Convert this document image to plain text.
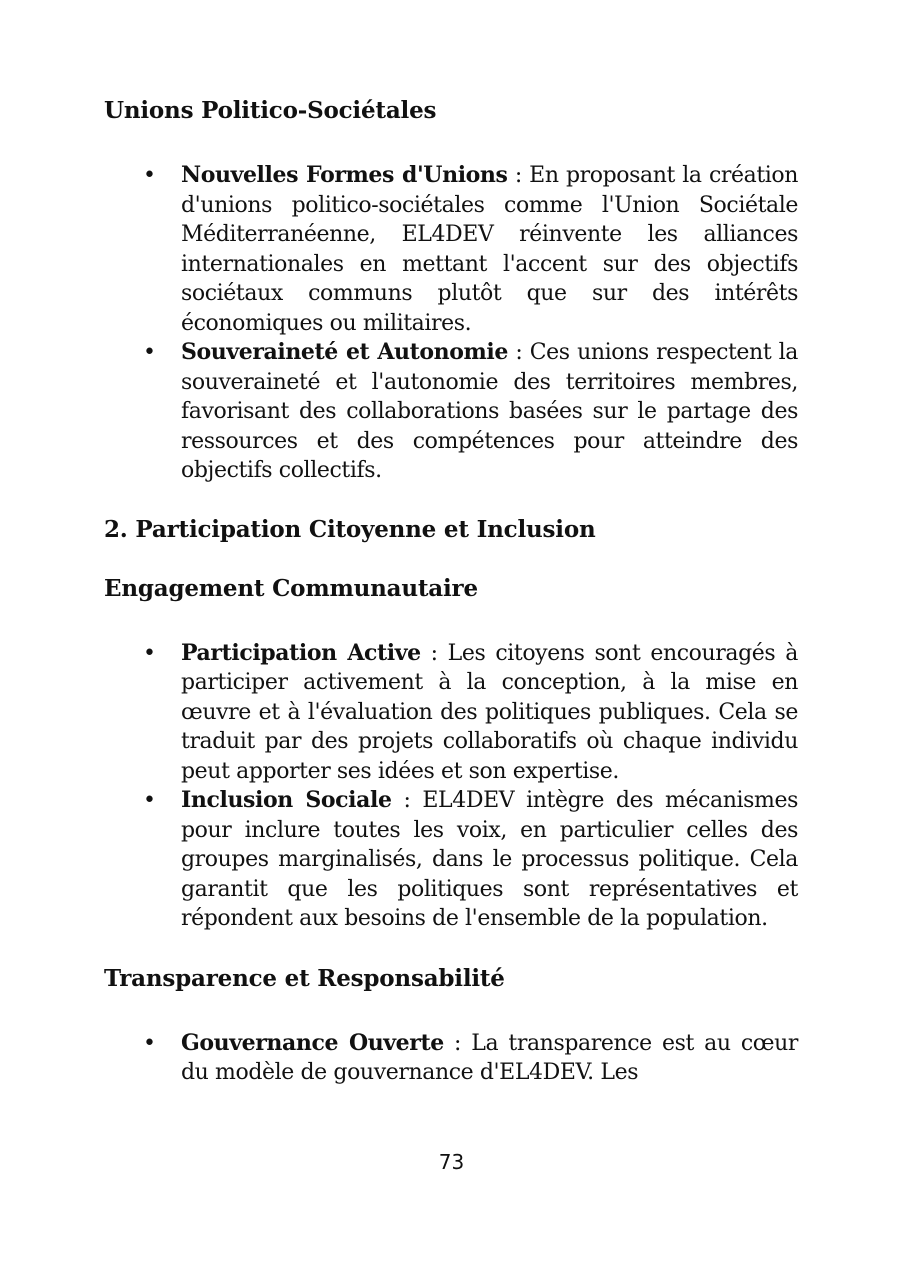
Unions Politico-Sociétales
• Nouvelles Formes d'Unions : En proposant la création d'unions politico-sociétales comme l'Union Sociétale Méditerranéenne, EL4DEV réinvente les alliances internationales en mettant l'accent sur des objectifs sociétaux communs plutôt que sur des intérêts économiques ou militaires.
• Souveraineté et Autonomie : Ces unions respectent la souveraineté et l'autonomie des territoires membres, favorisant des collaborations basées sur le partage des ressources et des compétences pour atteindre des objectifs collectifs.
2. Participation Citoyenne et Inclusion
Engagement Communautaire
• Participation Active : Les citoyens sont encouragés à participer activement à la conception, à la mise en œuvre et à l'évaluation des politiques publiques. Cela se traduit par des projets collaboratifs où chaque individu peut apporter ses idées et son expertise.
• Inclusion Sociale : EL4DEV intègre des mécanismes pour inclure toutes les voix, en particulier celles des groupes marginalisés, dans le processus politique. Cela garantit que les politiques sont représentatives et répondent aux besoins de l'ensemble de la population.
Transparence et Responsabilité
• Gouvernance Ouverte : La transparence est au cœur du modèle de gouvernance d'EL4DEV. Les
73
